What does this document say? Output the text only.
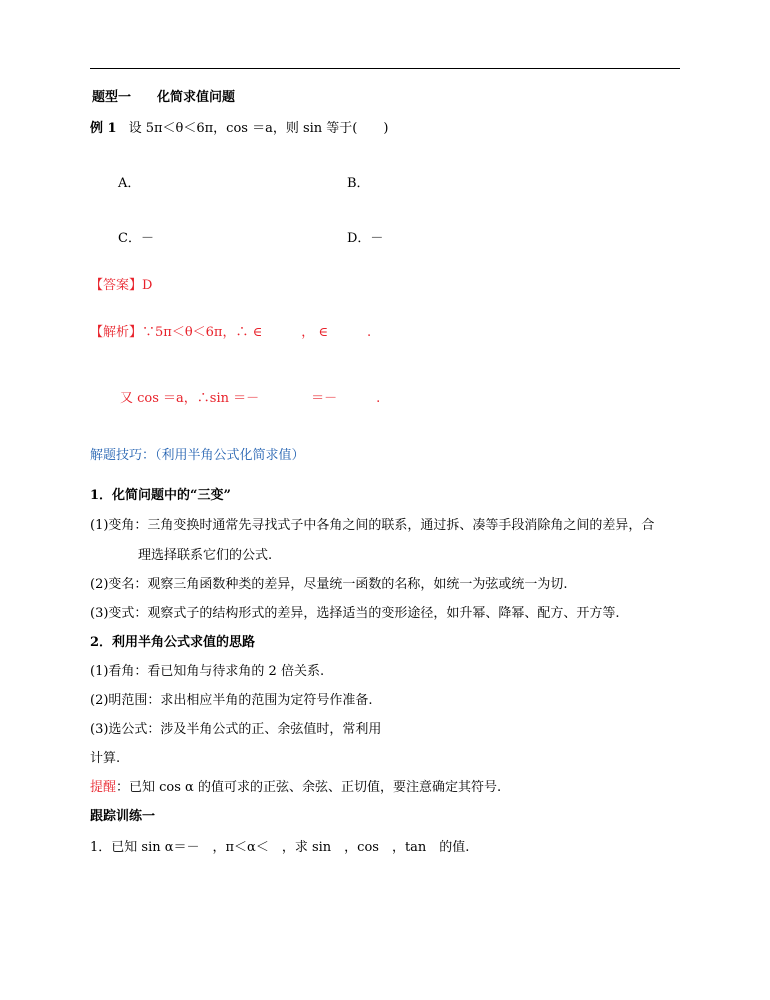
题型一 化简求值问题
例 1 设 5π＜θ＜6π，cos ＝a，则 sin 等于(　　)
A．	B．
C．－	D．－
【答案】D
【解析】∵5π＜θ＜6π，∴ ∈　　　， ∈　　　.
又 cos ＝a，∴sin ＝－　　　　＝－　　　.
解题技巧：（利用半角公式化简求值）
1．化简问题中的“三变”
(1)变角：三角变换时通常先寻找式子中各角之间的联系，通过拆、凑等手段消除角之间的差异，合
理选择联系它们的公式.
(2)变名：观察三角函数种类的差异，尽量统一函数的名称，如统一为弦或统一为切.
(3)变式：观察式子的结构形式的差异，选择适当的变形途径，如升幂、降幂、配方、开方等.
2．利用半角公式求值的思路
(1)看角：看已知角与待求角的 2 倍关系.
(2)明范围：求出相应半角的范围为定符号作准备.
(3)选公式：涉及半角公式的正、余弦值时，常利用
计算.
提醒：已知 cos α 的值可求的正弦、余弦、正切值，要注意确定其符号.
跟踪训练一
1．已知 sin α＝－　，π＜α＜　，求 sin　，cos　，tan　的值.
